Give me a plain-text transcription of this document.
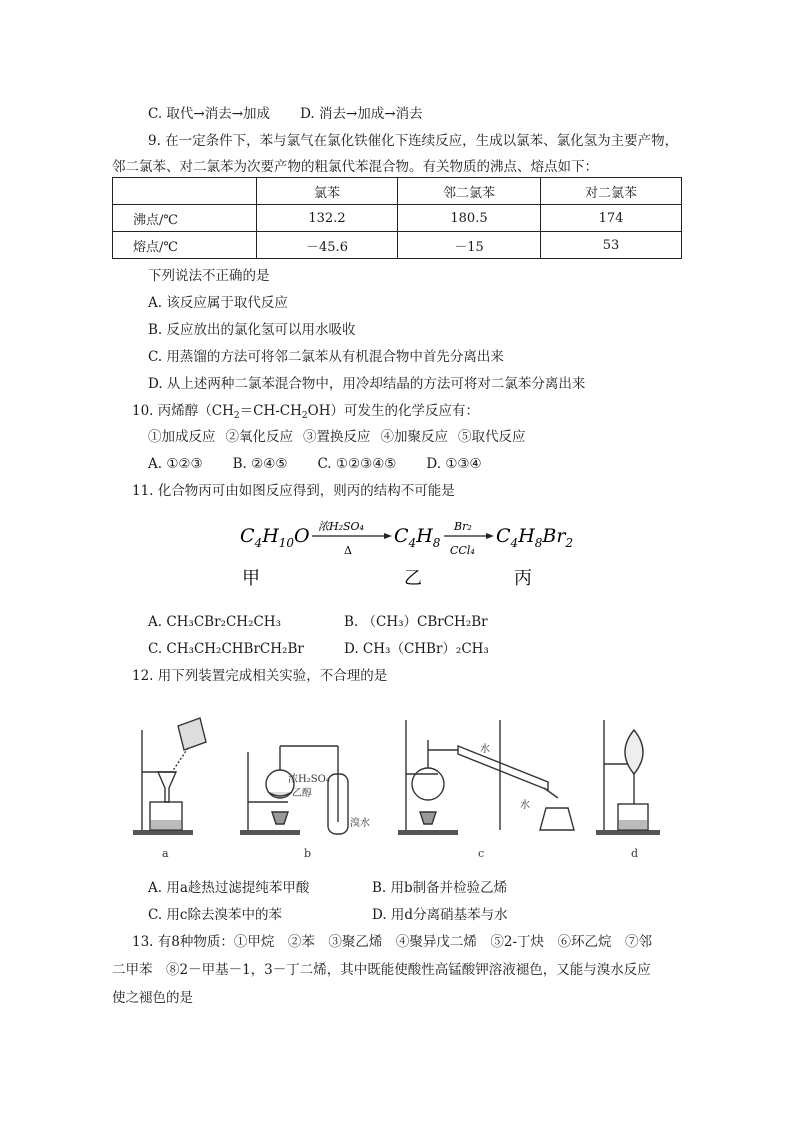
C. 取代→消去→加成 D. 消去→加成→消去
9. 在一定条件下，苯与氯气在氯化铁催化下连续反应，生成以氯苯、氯化氢为主要产物，
邻二氯苯、对二氯苯为次要产物的粗氯代苯混合物。有关物质的沸点、熔点如下：
	氯苯	邻二氯苯	对二氯苯
沸点/℃	132.2	180.5	174
熔点/℃	－45.6	－15	53
下列说法不正确的是
A. 该反应属于取代反应
B. 反应放出的氯化氢可以用水吸收
C. 用蒸馏的方法可将邻二氯苯从有机混合物中首先分离出来
D. 从上述两种二氯苯混合物中，用冷却结晶的方法可将对二氯苯分离出来
10. 丙烯醇$(CH_2=CH-CH_2OH)$可发生的化学反应有：
①加成反应 ②氧化反应 ③置换反应 ④加聚反应 ⑤取代反应
A. ①②③ B. ②④⑤ C. ①②③④⑤ D. ①③④
11. 化合物丙可由如图反应得到，则丙的结构不可能是
$C_4H_{10}O$ 浓H₂SO₄
Δ
$C_4H_8$
Br₂
CCl₄
$C_4H_8Br_2$
甲	乙	丙
A. CH₃CBr₂CH₂CH₃	B. （CH₃）CBrCH₂Br
C. CH₃CH₂CHBrCH₂Br	D. CH₃（CHBr）₂CH₃
12. 用下列装置完成相关实验，不合理的是
a
浓H₂SO₄
乙醇
溴水
b
水
水
c	d
A. 用a趁热过滤提纯苯甲酸	B. 用b制备并检验乙烯
C. 用c除去溴苯中的苯	D. 用d分离硝基苯与水
13. 有8种物质：①甲烷　②苯　③聚乙烯　④聚异戊二烯　⑤2-丁炔　⑥环乙烷　⑦邻
二甲苯　⑧2－甲基－1，3－丁二烯，其中既能使酸性高锰酸钾溶液褪色，又能与溴水反应
使之褪色的是
